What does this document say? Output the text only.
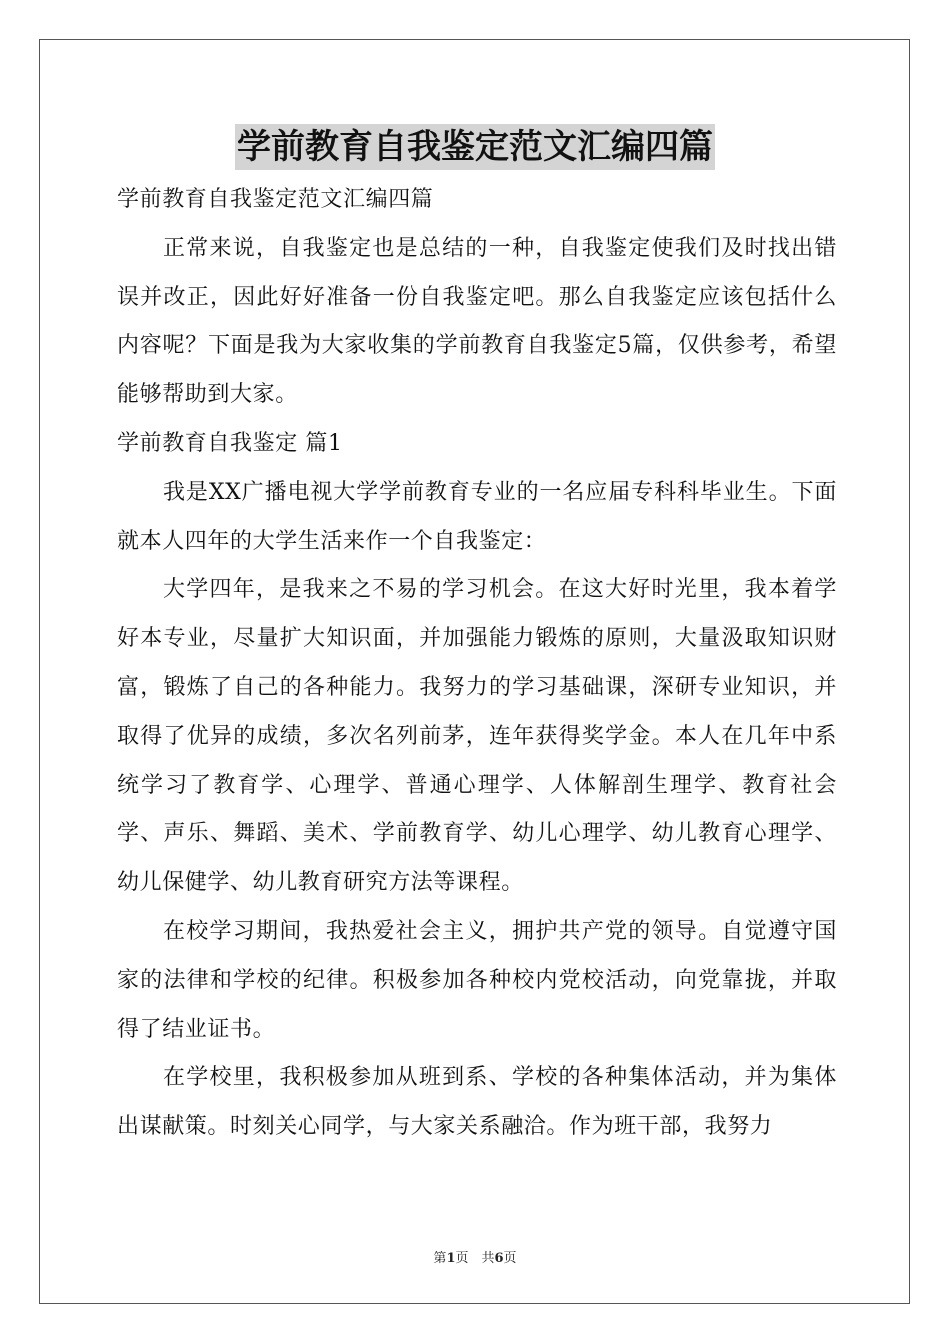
学前教育自我鉴定范文汇编四篇

学前教育自我鉴定范文汇编四篇

正常来说，自我鉴定也是总结的一种，自我鉴定使我们及时找出错误并改正，因此好好准备一份自我鉴定吧。那么自我鉴定应该包括什么内容呢？下面是我为大家收集的学前教育自我鉴定5篇，仅供参考，希望能够帮助到大家。

学前教育自我鉴定 篇1

我是XX广播电视大学学前教育专业的一名应届专科科毕业生。下面就本人四年的大学生活来作一个自我鉴定：

大学四年，是我来之不易的学习机会。在这大好时光里，我本着学好本专业，尽量扩大知识面，并加强能力锻炼的原则，大量汲取知识财富，锻炼了自己的各种能力。我努力的学习基础课，深研专业知识，并取得了优异的成绩，多次名列前茅，连年获得奖学金。本人在几年中系统学习了教育学、心理学、普通心理学、人体解剖生理学、教育社会学、声乐、舞蹈、美术、学前教育学、幼儿心理学、幼儿教育心理学、幼儿保健学、幼儿教育研究方法等课程。

在校学习期间，我热爱社会主义，拥护共产党的领导。自觉遵守国家的法律和学校的纪律。积极参加各种校内党校活动，向党靠拢，并取得了结业证书。

在学校里，我积极参加从班到系、学校的各种集体活动，并为集体出谋献策。时刻关心同学，与大家关系融洽。作为班干部，我努力

第1页　共6页
